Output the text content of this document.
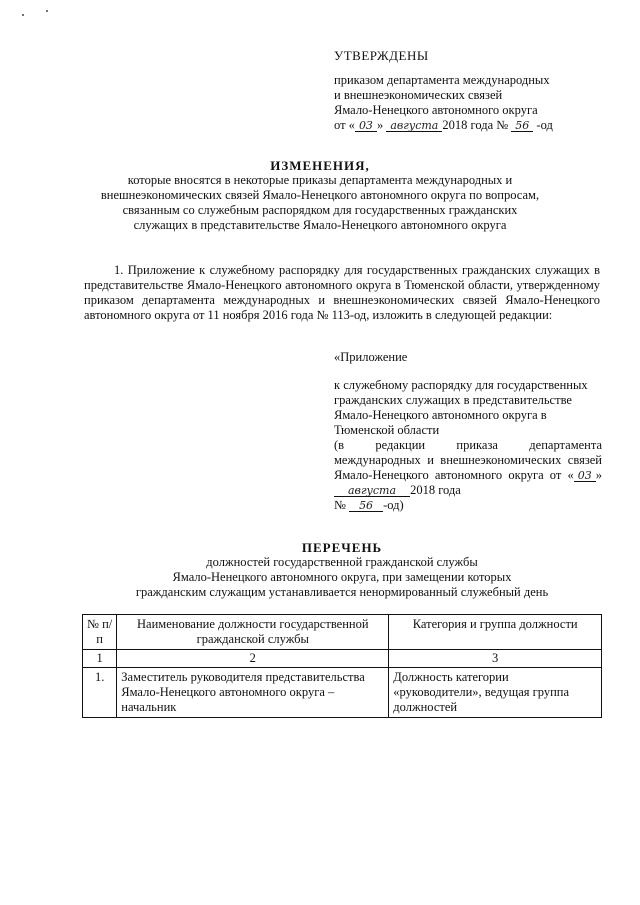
УТВЕРЖДЕНЫ
приказом департамента международных
и внешнеэкономических связей
Ямало-Ненецкого автономного округа
от « 03 » августа 2018 года № 56 -од
ИЗМЕНЕНИЯ,
которые вносятся в некоторые приказы департамента международных и
внешнеэкономических связей Ямало-Ненецкого автономного округа по вопросам,
связанным со служебным распорядком для государственных гражданских
служащих в представительстве Ямало-Ненецкого автономного округа
1. Приложение к служебному распорядку для государственных гражданских служащих в представительстве Ямало-Ненецкого автономного округа в Тюменской области, утвержденному приказом департамента международных и внешнеэкономических связей Ямало-Ненецкого автономного округа от 11 ноября 2016 года № 113-од, изложить в следующей редакции:
«Приложение
к служебному распорядку для государственных гражданских служащих в представительстве Ямало-Ненецкого автономного округа в Тюменской области
(в редакции приказа департамента международных и внешнеэкономических связей Ямало-Ненецкого автономного округа от « 03 » августа 2018 года
№ 56 -од)
ПЕРЕЧЕНЬ
должностей государственной гражданской службы
Ямало-Ненецкого автономного округа, при замещении которых
гражданским служащим устанавливается ненормированный служебный день
№ п/п	Наименование должности государственной гражданской службы	Категория и группа должности
1	2	3
1.	Заместитель руководителя представительства Ямало-Ненецкого автономного округа – начальник	Должность категории «руководители», ведущая группа должностей
